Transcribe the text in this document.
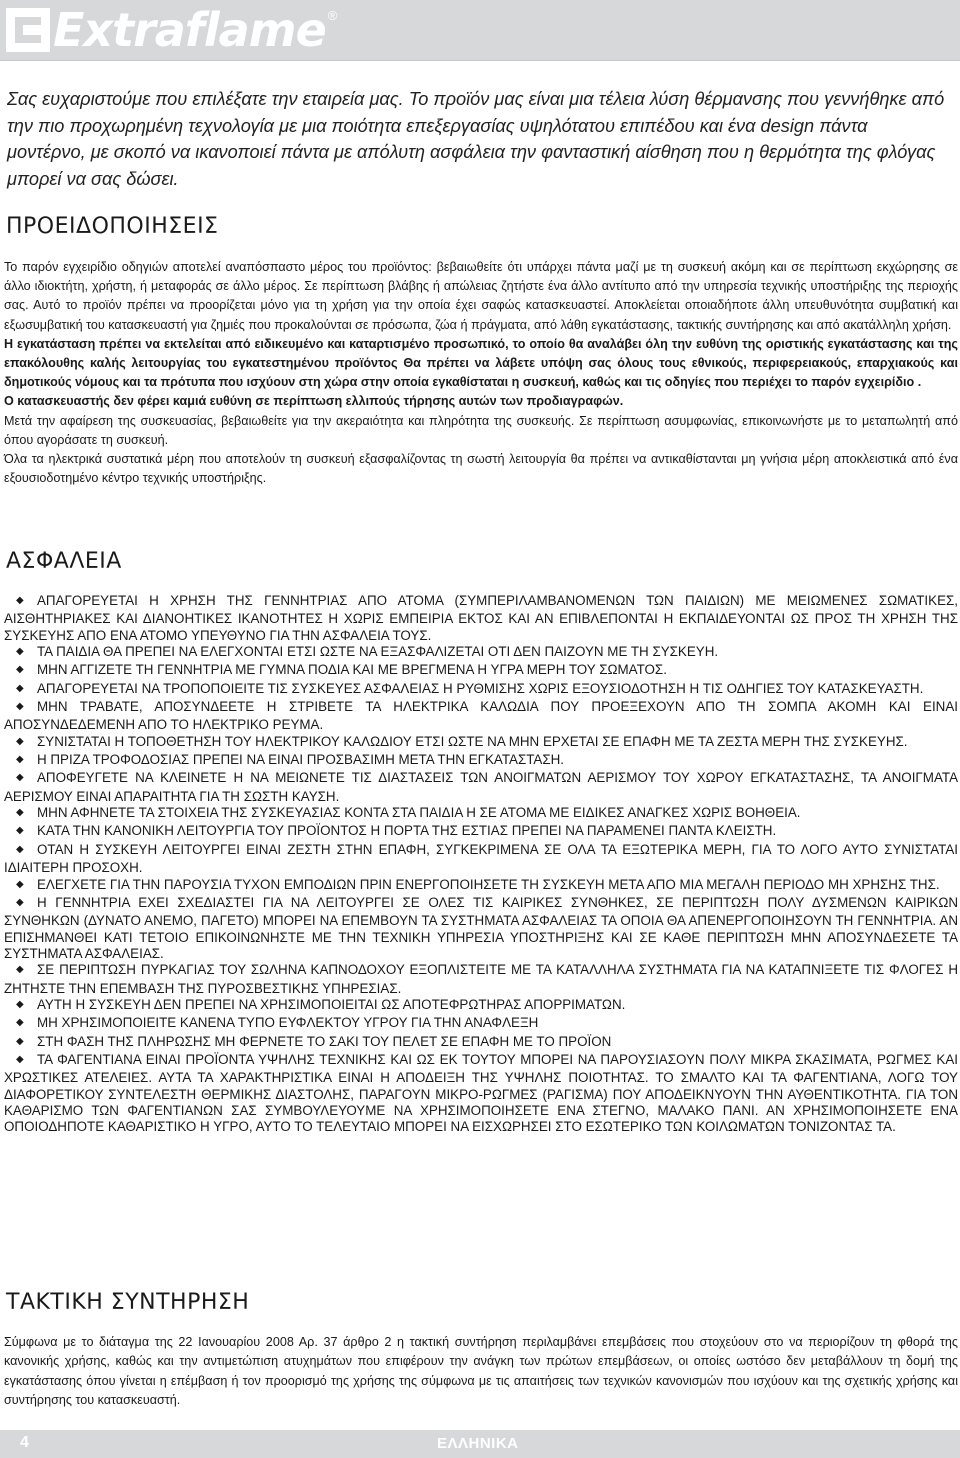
Extraflame ®
Σας ευχαριστούμε που επιλέξατε την εταιρεία μας. Το προϊόν μας είναι μια τέλεια λύση θέρμανσης που γεννήθηκε από την πιο προχωρημένη τεχνολογία με μια ποιότητα επεξεργασίας υψηλότατου επιπέδου και ένα design πάντα μοντέρνο, με σκοπό να ικανοποιεί πάντα με απόλυτη ασφάλεια την φανταστική αίσθηση που η θερμότητα της φλόγας μπορεί να σας δώσει.
ΠΡΟΕΙΔΟΠΟΙΗΣΕΙΣ

Το παρόν εγχειρίδιο οδηγιών αποτελεί αναπόσπαστο μέρος του προϊόντος: βεβαιωθείτε ότι υπάρχει πάντα μαζί με τη συσκευή ακόμη και σε περίπτωση εκχώρησης σε άλλο ιδιοκτήτη, χρήστη, ή μεταφοράς σε άλλο μέρος. Σε περίπτωση βλάβης ή απώλειας ζητήστε ένα άλλο αντίτυπο από την υπηρεσία τεχνικής υποστήριξης της περιοχής σας. Αυτό το προϊόν πρέπει να προορίζεται μόνο για τη χρήση για την οποία έχει σαφώς κατασκευαστεί. Αποκλείεται οποιαδήποτε άλλη υπευθυνότητα συμβατική και εξωσυμβατική του κατασκευαστή για ζημιές που προκαλούνται σε πρόσωπα, ζώα ή πράγματα, από λάθη εγκατάστασης, τακτικής συντήρησης και από ακατάλληλη χρήση.

Η εγκατάσταση πρέπει να εκτελείται από ειδικευμένο και καταρτισμένο προσωπικό, το οποίο θα αναλάβει όλη την ευθύνη της οριστικής εγκατάστασης και της επακόλουθης καλής λειτουργίας του εγκατεστημένου προϊόντος Θα πρέπει να λάβετε υπόψη σας όλους τους εθνικούς, περιφερειακούς, επαρχιακούς και δημοτικούς νόμους και τα πρότυπα που ισχύουν στη χώρα στην οποία εγκαθίσταται η συσκευή, καθώς και τις οδηγίες που περιέχει το παρόν εγχειρίδιο .

Ο κατασκευαστής δεν φέρει καμιά ευθύνη σε περίπτωση ελλιπούς τήρησης αυτών των προδιαγραφών.

Μετά την αφαίρεση της συσκευασίας, βεβαιωθείτε για την ακεραιότητα και πληρότητα της συσκευής. Σε περίπτωση ασυμφωνίας, επικοινωνήστε με το μεταπωλητή από όπου αγοράσατε τη συσκευή.

Όλα τα ηλεκτρικά συστατικά μέρη που αποτελούν τη συσκευή εξασφαλίζοντας τη σωστή λειτουργία θα πρέπει να αντικαθίστανται μη γνήσια μέρη αποκλειστικά από ένα εξουσιοδοτημένο κέντρο τεχνικής υποστήριξης.

ΑΣΦΑΛΕΙΑ
◆ ΑΠΑΓΟΡΕΥΕΤΑΙ Η ΧΡΗΣΗ ΤΗΣ ΓΕΝΝΗΤΡΙΑΣ ΑΠΟ ΑΤΟΜΑ (ΣΥΜΠΕΡΙΛΑΜΒΑΝΟΜΕΝΩΝ ΤΩΝ ΠΑΙΔΙΩΝ) ΜΕ ΜΕΙΩΜΕΝΕΣ ΣΩΜΑΤΙΚΕΣ, ΑΙΣΘΗΤΗΡΙΑΚΕΣ ΚΑΙ ΔΙΑΝΟΗΤΙΚΕΣ ΙΚΑΝΟΤΗΤΕΣ Η ΧΩΡΙΣ ΕΜΠΕΙΡΙΑ ΕΚΤΟΣ ΚΑΙ ΑΝ ΕΠΙΒΛΕΠΟΝΤΑΙ Η ΕΚΠΑΙΔΕΥΟΝΤΑΙ ΩΣ ΠΡΟΣ ΤΗ ΧΡΗΣΗ ΤΗΣ ΣΥΣΚΕΥΗΣ ΑΠΟ ΕΝΑ ΑΤΟΜΟ ΥΠΕΥΘΥΝΟ ΓΙΑ ΤΗΝ ΑΣΦΑΛΕΙΑ ΤΟΥΣ.
◆ ΤΑ ΠΑΙΔΙΑ ΘΑ ΠΡΕΠΕΙ ΝΑ ΕΛΕΓΧΟΝΤΑΙ ΕΤΣΙ ΩΣΤΕ ΝΑ ΕΞΑΣΦΑΛΙΖΕΤΑΙ ΟΤΙ ΔΕΝ ΠΑΙΖΟΥΝ ΜΕ ΤΗ ΣΥΣΚΕΥΗ.
◆ ΜΗΝ ΑΓΓΙΖΕΤΕ ΤΗ ΓΕΝΝΗΤΡΙΑ ΜΕ ΓΥΜΝΑ ΠΟΔΙΑ ΚΑΙ ΜΕ ΒΡΕΓΜΕΝΑ Η ΥΓΡΑ ΜΕΡΗ ΤΟΥ ΣΩΜΑΤΟΣ.
◆ ΑΠΑΓΟΡΕΥΕΤΑΙ ΝΑ ΤΡΟΠΟΠΟΙΕΙΤΕ ΤΙΣ ΣΥΣΚΕΥΕΣ ΑΣΦΑΛΕΙΑΣ Η ΡΥΘΜΙΣΗΣ ΧΩΡΙΣ ΕΞΟΥΣΙΟΔΟΤΗΣΗ Η ΤΙΣ ΟΔΗΓΙΕΣ ΤΟΥ ΚΑΤΑΣΚΕΥΑΣΤΗ.
◆ ΜΗΝ ΤΡΑΒΑΤΕ, ΑΠΟΣΥΝΔΕΕΤΕ Η ΣΤΡΙΒΕΤΕ ΤΑ ΗΛΕΚΤΡΙΚΑ ΚΑΛΩΔΙΑ ΠΟΥ ΠΡΟΕΞΕΧΟΥΝ ΑΠΟ ΤΗ ΣΟΜΠΑ ΑΚΟΜΗ ΚΑΙ ΕΙΝΑΙ ΑΠΟΣΥΝΔΕΔΕΜΕΝΗ ΑΠΟ ΤΟ ΗΛΕΚΤΡΙΚΟ ΡΕΥΜΑ.
◆ ΣΥΝΙΣΤΑΤΑΙ Η ΤΟΠΟΘΕΤΗΣΗ ΤΟΥ ΗΛΕΚΤΡΙΚΟΥ ΚΑΛΩΔΙΟΥ ΕΤΣΙ ΩΣΤΕ ΝΑ ΜΗΝ ΕΡΧΕΤΑΙ ΣΕ ΕΠΑΦΗ ΜΕ ΤΑ ΖΕΣΤΑ ΜΕΡΗ ΤΗΣ ΣΥΣΚΕΥΗΣ.
◆ Η ΠΡΙΖΑ ΤΡΟΦΟΔΟΣΙΑΣ ΠΡΕΠΕΙ ΝΑ ΕΙΝΑΙ ΠΡΟΣΒΑΣΙΜΗ ΜΕΤΑ ΤΗΝ ΕΓΚΑΤΑΣΤΑΣΗ.
◆ ΑΠΟΦΕΥΓΕΤΕ ΝΑ ΚΛΕΙΝΕΤΕ Η ΝΑ ΜΕΙΩΝΕΤΕ ΤΙΣ ΔΙΑΣΤΑΣΕΙΣ ΤΩΝ ΑΝΟΙΓΜΑΤΩΝ ΑΕΡΙΣΜΟΥ ΤΟΥ ΧΩΡΟΥ ΕΓΚΑΤΑΣΤΑΣΗΣ, ΤΑ ΑΝΟΙΓΜΑΤΑ ΑΕΡΙΣΜΟΥ ΕΙΝΑΙ ΑΠΑΡΑΙΤΗΤΑ ΓΙΑ ΤΗ ΣΩΣΤΗ ΚΑΥΣΗ.
◆ ΜΗΝ ΑΦΗΝΕΤΕ ΤΑ ΣΤΟΙΧΕΙΑ ΤΗΣ ΣΥΣΚΕΥΑΣΙΑΣ ΚΟΝΤΑ ΣΤΑ ΠΑΙΔΙΑ Η ΣΕ ΑΤΟΜΑ ΜΕ ΕΙΔΙΚΕΣ ΑΝΑΓΚΕΣ ΧΩΡΙΣ ΒΟΗΘΕΙΑ.
◆ ΚΑΤΑ ΤΗΝ ΚΑΝΟΝΙΚΗ ΛΕΙΤΟΥΡΓΙΑ ΤΟΥ ΠΡΟΪΟΝΤΟΣ Η ΠΟΡΤΑ ΤΗΣ ΕΣΤΙΑΣ ΠΡΕΠΕΙ ΝΑ ΠΑΡΑΜΕΝΕΙ ΠΑΝΤΑ ΚΛΕΙΣΤΗ.
◆ ΟΤΑΝ Η ΣΥΣΚΕΥΗ ΛΕΙΤΟΥΡΓΕΙ ΕΙΝΑΙ ΖΕΣΤΗ ΣΤΗΝ ΕΠΑΦΗ, ΣΥΓΚΕΚΡΙΜΕΝΑ ΣΕ ΟΛΑ ΤΑ ΕΞΩΤΕΡΙΚΑ ΜΕΡΗ, ΓΙΑ ΤΟ ΛΟΓΟ ΑΥΤΟ ΣΥΝΙΣΤΑΤΑΙ ΙΔΙΑΙΤΕΡΗ ΠΡΟΣΟΧΗ.
◆ ΕΛΕΓΧΕΤΕ ΓΙΑ ΤΗΝ ΠΑΡΟΥΣΙΑ ΤΥΧΟΝ ΕΜΠΟΔΙΩΝ ΠΡΙΝ ΕΝΕΡΓΟΠΟΙΗΣΕΤΕ ΤΗ ΣΥΣΚΕΥΗ ΜΕΤΑ ΑΠΟ ΜΙΑ ΜΕΓΑΛΗ ΠΕΡΙΟΔΟ ΜΗ ΧΡΗΣΗΣ ΤΗΣ.
◆ Η ΓΕΝΝΗΤΡΙΑ ΕΧΕΙ ΣΧΕΔΙΑΣΤΕΙ ΓΙΑ ΝΑ ΛΕΙΤΟΥΡΓΕΙ ΣΕ ΟΛΕΣ ΤΙΣ ΚΑΙΡΙΚΕΣ ΣΥΝΘΗΚΕΣ, ΣΕ ΠΕΡΙΠΤΩΣΗ ΠΟΛΥ ΔΥΣΜΕΝΩΝ ΚΑΙΡΙΚΩΝ ΣΥΝΘΗΚΩΝ (ΔΥΝΑΤΟ ΑΝΕΜΟ, ΠΑΓΕΤΟ) ΜΠΟΡΕΙ ΝΑ ΕΠΕΜΒΟΥΝ ΤΑ ΣΥΣΤΗΜΑΤΑ ΑΣΦΑΛΕΙΑΣ ΤΑ ΟΠΟΙΑ ΘΑ ΑΠΕΝΕΡΓΟΠΟΙΗΣΟΥΝ ΤΗ ΓΕΝΝΗΤΡΙΑ. ΑΝ ΕΠΙΣΗΜΑΝΘΕΙ ΚΑΤΙ ΤΕΤΟΙΟ ΕΠΙΚΟΙΝΩΝΗΣΤΕ ΜΕ ΤΗΝ ΤΕΧΝΙΚΗ ΥΠΗΡΕΣΙΑ ΥΠΟΣΤΗΡΙΞΗΣ ΚΑΙ ΣΕ ΚΑΘΕ ΠΕΡΙΠΤΩΣΗ ΜΗΝ ΑΠΟΣΥΝΔΕΣΕΤΕ ΤΑ ΣΥΣΤΗΜΑΤΑ ΑΣΦΑΛΕΙΑΣ.
◆ ΣΕ ΠΕΡΙΠΤΩΣΗ ΠΥΡΚΑΓΙΑΣ ΤΟΥ ΣΩΛΗΝΑ ΚΑΠΝΟΔΟΧΟΥ ΕΞΟΠΛΙΣΤΕΙΤΕ ΜΕ ΤΑ ΚΑΤΑΛΛΗΛΑ ΣΥΣΤΗΜΑΤΑ ΓΙΑ ΝΑ ΚΑΤΑΠΝΙΞΕΤΕ ΤΙΣ ΦΛΟΓΕΣ Η ΖΗΤΗΣΤΕ ΤΗΝ ΕΠΕΜΒΑΣΗ ΤΗΣ ΠΥΡΟΣΒΕΣΤΙΚΗΣ ΥΠΗΡΕΣΙΑΣ.
◆ ΑΥΤΗ Η ΣΥΣΚΕΥΗ ΔΕΝ ΠΡΕΠΕΙ ΝΑ ΧΡΗΣΙΜΟΠΟΙΕΙΤΑΙ ΩΣ ΑΠΟΤΕΦΡΩΤΗΡΑΣ ΑΠΟΡΡΙΜΑΤΩΝ.
◆ ΜΗ ΧΡΗΣΙΜΟΠΟΙΕΙΤΕ ΚΑΝΕΝΑ ΤΥΠΟ ΕΥΦΛΕΚΤΟΥ ΥΓΡΟΥ ΓΙΑ ΤΗΝ ΑΝΑΦΛΕΞΗ
◆ ΣΤΗ ΦΑΣΗ ΤΗΣ ΠΛΗΡΩΣΗΣ ΜΗ ΦΕΡΝΕΤΕ ΤΟ ΣΑΚΙ ΤΟΥ ΠΕΛΕΤ ΣΕ ΕΠΑΦΗ ΜΕ ΤΟ ΠΡΟΪΟΝ
◆ ΤΑ ΦΑΓΕΝΤΙΑΝΑ ΕΙΝΑΙ ΠΡΟΪΟΝΤΑ ΥΨΗΛΗΣ ΤΕΧΝΙΚΗΣ ΚΑΙ ΩΣ ΕΚ ΤΟΥΤΟΥ ΜΠΟΡΕΙ ΝΑ ΠΑΡΟΥΣΙΑΣΟΥΝ ΠΟΛΥ ΜΙΚΡΑ ΣΚΑΣΙΜΑΤΑ, ΡΩΓΜΕΣ ΚΑΙ ΧΡΩΣΤΙΚΕΣ ΑΤΕΛΕΙΕΣ. ΑΥΤΑ ΤΑ ΧΑΡΑΚΤΗΡΙΣΤΙΚΑ ΕΙΝΑΙ Η ΑΠΟΔΕΙΞΗ ΤΗΣ ΥΨΗΛΗΣ ΠΟΙΟΤΗΤΑΣ. ΤΟ ΣΜΑΛΤΟ ΚΑΙ ΤΑ ΦΑΓΕΝΤΙΑΝΑ, ΛΟΓΩ ΤΟΥ ΔΙΑΦΟΡΕΤΙΚΟΥ ΣΥΝΤΕΛΕΣΤΗ ΘΕΡΜΙΚΗΣ ΔΙΑΣΤΟΛΗΣ, ΠΑΡΑΓΟΥΝ ΜΙΚΡΟ-ΡΩΓΜΕΣ (ΡΑΓΙΣΜΑ) ΠΟΥ ΑΠΟΔΕΙΚΝΥΟΥΝ ΤΗΝ ΑΥΘΕΝΤΙΚΟΤΗΤΑ. ΓΙΑ ΤΟΝ ΚΑΘΑΡΙΣΜΟ ΤΩΝ ΦΑΓΕΝΤΙΑΝΩΝ ΣΑΣ ΣΥΜΒΟΥΛΕΥΟΥΜΕ ΝΑ ΧΡΗΣΙΜΟΠΟΙΗΣΕΤΕ ΕΝΑ ΣΤΕΓΝΟ, ΜΑΛΑΚΟ ΠΑΝΙ. ΑΝ ΧΡΗΣΙΜΟΠΟΙΗΣΕΤΕ ΕΝΑ ΟΠΟΙΟΔΗΠΟΤΕ ΚΑΘΑΡΙΣΤΙΚΟ Η ΥΓΡΟ, ΑΥΤΟ ΤΟ ΤΕΛΕΥΤΑΙΟ ΜΠΟΡΕΙ ΝΑ ΕΙΣΧΩΡΗΣΕΙ ΣΤΟ ΕΣΩΤΕΡΙΚΟ ΤΩΝ ΚΟΙΛΩΜΑΤΩΝ ΤΟΝΙΖΟΝΤΑΣ ΤΑ.
ΤΑΚΤΙΚΗ ΣΥΝΤΗΡΗΣΗ

Σύμφωνα με το διάταγμα της 22 Ιανουαρίου 2008 Αρ. 37 άρθρο 2 η τακτική συντήρηση περιλαμβάνει επεμβάσεις που στοχεύουν στο να περιορίζουν τη φθορά της κανονικής χρήσης, καθώς και την αντιμετώπιση ατυχημάτων που επιφέρουν την ανάγκη των πρώτων επεμβάσεων, οι οποίες ωστόσο δεν μεταβάλλουν τη δομή της εγκατάστασης όπου γίνεται η επέμβαση ή τον προορισμό της χρήσης της σύμφωνα με τις απαιτήσεις των τεχνικών κανονισμών που ισχύουν και της σχετικής χρήσης και συντήρησης του κατασκευαστή.

4	ΕΛΛΗΝΙΚΑ
